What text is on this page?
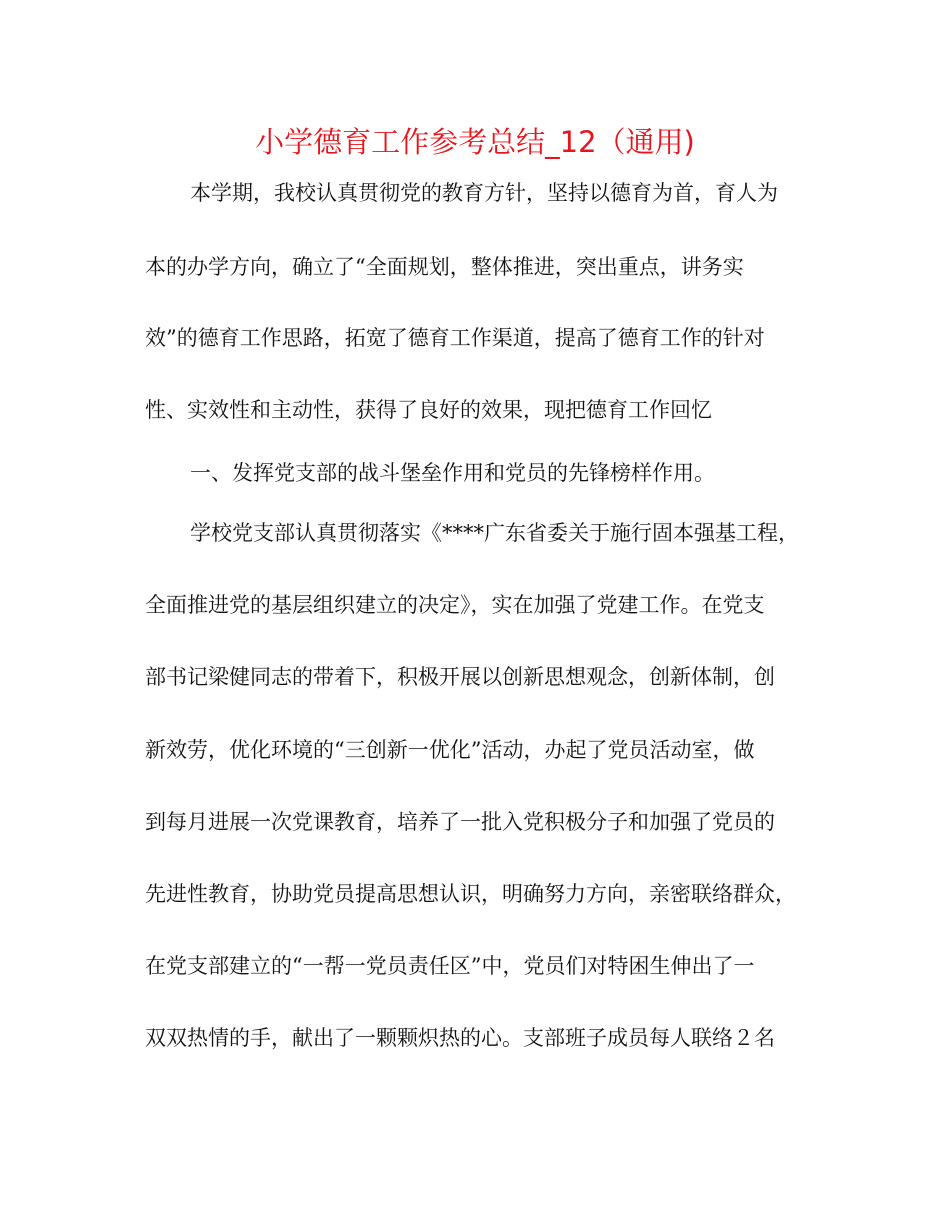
小学德育工作参考总结_12（通用)
本学期，我校认真贯彻党的教育方针，坚持以德育为首，育人为
本的办学方向，确立了“全面规划，整体推进，突出重点，讲务实
效”的德育工作思路，拓宽了德育工作渠道，提高了德育工作的针对
性、实效性和主动性，获得了良好的效果，现把德育工作回忆
一、发挥党支部的战斗堡垒作用和党员的先锋榜样作用。
学校党支部认真贯彻落实《****广东省委关于施行固本强基工程，
全面推进党的基层组织建立的决定》，实在加强了党建工作。在党支
部书记梁健同志的带着下，积极开展以创新思想观念，创新体制，创
新效劳，优化环境的“三创新一优化”活动，办起了党员活动室，做
到每月进展一次党课教育，培养了一批入党积极分子和加强了党员的
先进性教育，协助党员提高思想认识，明确努力方向，亲密联络群众，
在党支部建立的“一帮一党员责任区”中，党员们对特困生伸出了一
双双热情的手，献出了一颗颗炽热的心。支部班子成员每人联络２名
